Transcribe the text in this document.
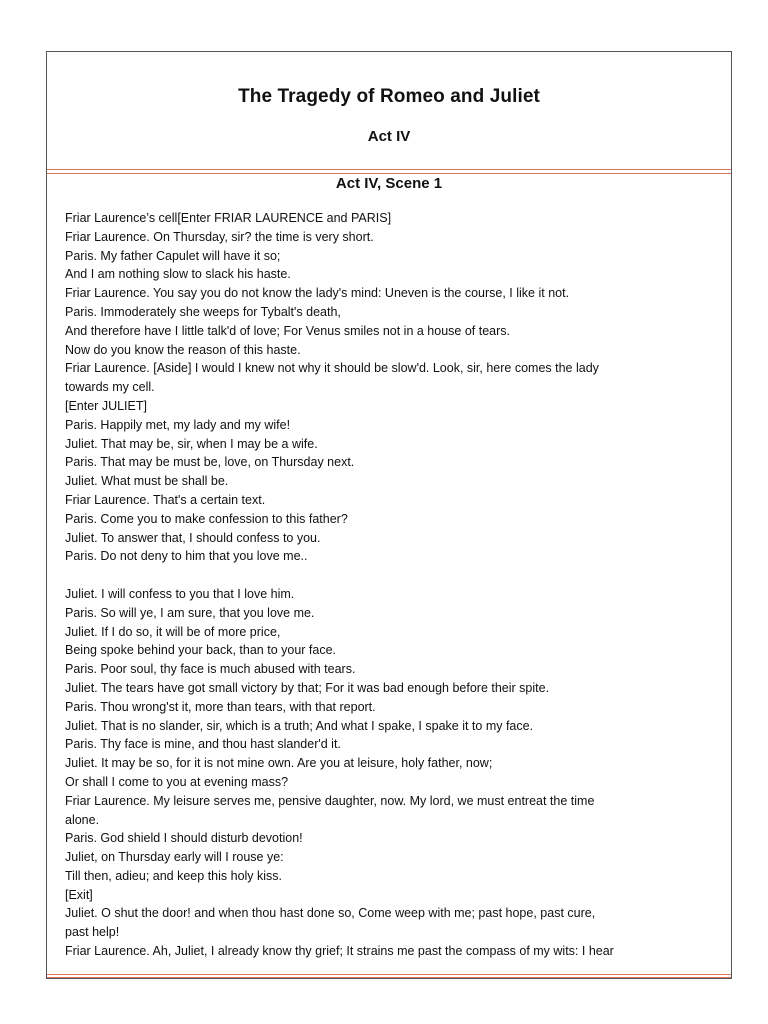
The Tragedy of Romeo and Juliet
Act IV
Act IV, Scene 1
Friar Laurence’s cell[Enter FRIAR LAURENCE and PARIS]
Friar Laurence. On Thursday, sir? the time is very short.
Paris. My father Capulet will have it so;
And I am nothing slow to slack his haste.
Friar Laurence. You say you do not know the lady's mind: Uneven is the course, I like it not.
Paris. Immoderately she weeps for Tybalt's death,
And therefore have I little talk'd of love; For Venus smiles not in a house of tears.
Now do you know the reason of this haste.
Friar Laurence. [Aside] I would I knew not why it should be slow'd. Look, sir, here comes the lady
towards my cell.
[Enter JULIET]
Paris. Happily met, my lady and my wife!
Juliet. That may be, sir, when I may be a wife.
Paris. That may be must be, love, on Thursday next.
Juliet. What must be shall be.
Friar Laurence. That's a certain text.
Paris. Come you to make confession to this father?
Juliet. To answer that, I should confess to you.
Paris. Do not deny to him that you love me..
Juliet. I will confess to you that I love him.
Paris. So will ye, I am sure, that you love me.
Juliet. If I do so, it will be of more price,
Being spoke behind your back, than to your face.
Paris. Poor soul, thy face is much abused with tears.
Juliet. The tears have got small victory by that; For it was bad enough before their spite.
Paris. Thou wrong'st it, more than tears, with that report.
Juliet. That is no slander, sir, which is a truth; And what I spake, I spake it to my face.
Paris. Thy face is mine, and thou hast slander'd it.
Juliet. It may be so, for it is not mine own. Are you at leisure, holy father, now;
Or shall I come to you at evening mass?
Friar Laurence. My leisure serves me, pensive daughter, now. My lord, we must entreat the time
alone.
Paris. God shield I should disturb devotion!
Juliet, on Thursday early will I rouse ye:
Till then, adieu; and keep this holy kiss.
[Exit]
Juliet. O shut the door! and when thou hast done so, Come weep with me; past hope, past cure,
past help!
Friar Laurence. Ah, Juliet, I already know thy grief; It strains me past the compass of my wits: I hear
